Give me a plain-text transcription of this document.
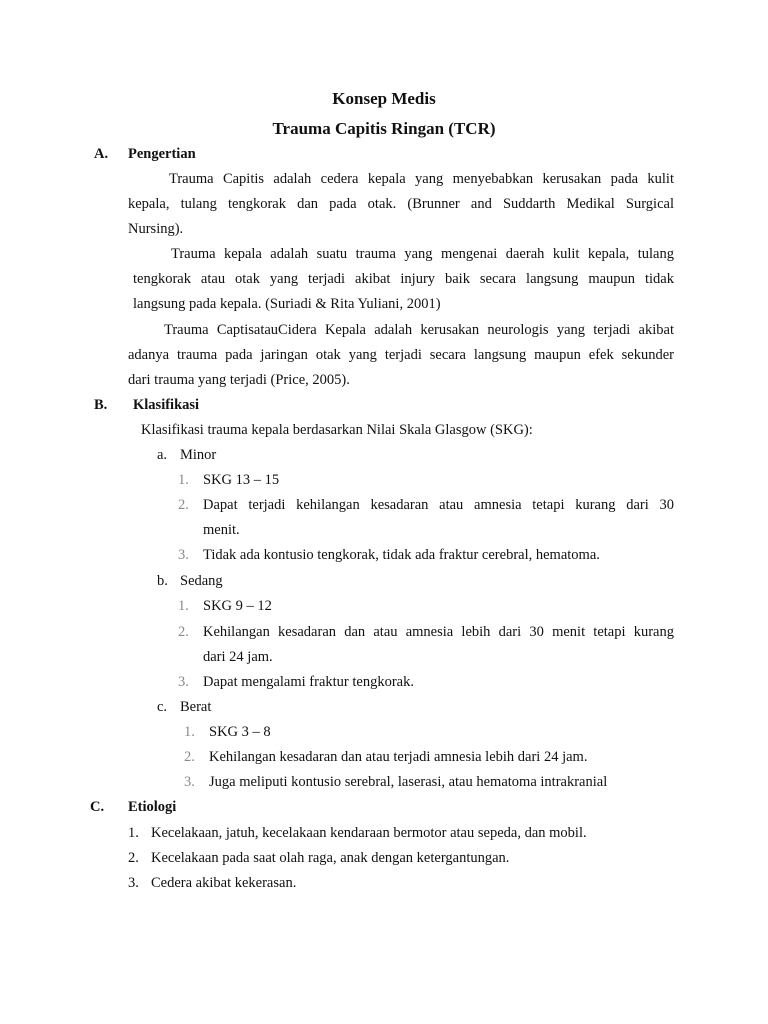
Konsep Medis
Trauma Capitis Ringan (TCR)
A. Pengertian
Trauma Capitis adalah cedera kepala yang menyebabkan kerusakan pada kulit
kepala, tulang tengkorak dan pada otak. (Brunner and Suddarth Medikal Surgical
Nursing).
Trauma kepala adalah suatu trauma yang mengenai daerah kulit kepala, tulang
tengkorak atau otak yang terjadi akibat injury baik secara langsung maupun tidak
langsung pada kepala. (Suriadi & Rita Yuliani, 2001)
Trauma CaptisatauCidera Kepala adalah kerusakan neurologis yang terjadi akibat
adanya trauma pada jaringan otak yang terjadi secara langsung maupun efek sekunder
dari trauma yang terjadi (Price, 2005).
B. Klasifikasi
Klasifikasi trauma kepala berdasarkan Nilai Skala Glasgow (SKG):
a. Minor
1. SKG 13 – 15
2. Dapat terjadi kehilangan kesadaran atau amnesia tetapi kurang dari 30
menit.
3. Tidak ada kontusio tengkorak, tidak ada fraktur cerebral, hematoma.
b. Sedang
1. SKG 9 – 12
2. Kehilangan kesadaran dan atau amnesia lebih dari 30 menit tetapi kurang
dari 24 jam.
3. Dapat mengalami fraktur tengkorak.
c. Berat
1. SKG 3 – 8
2. Kehilangan kesadaran dan atau terjadi amnesia lebih dari 24 jam.
3. Juga meliputi kontusio serebral, laserasi, atau hematoma intrakranial
C. Etiologi
1. Kecelakaan, jatuh, kecelakaan kendaraan bermotor atau sepeda, dan mobil.
2. Kecelakaan pada saat olah raga, anak dengan ketergantungan.
3. Cedera akibat kekerasan.
